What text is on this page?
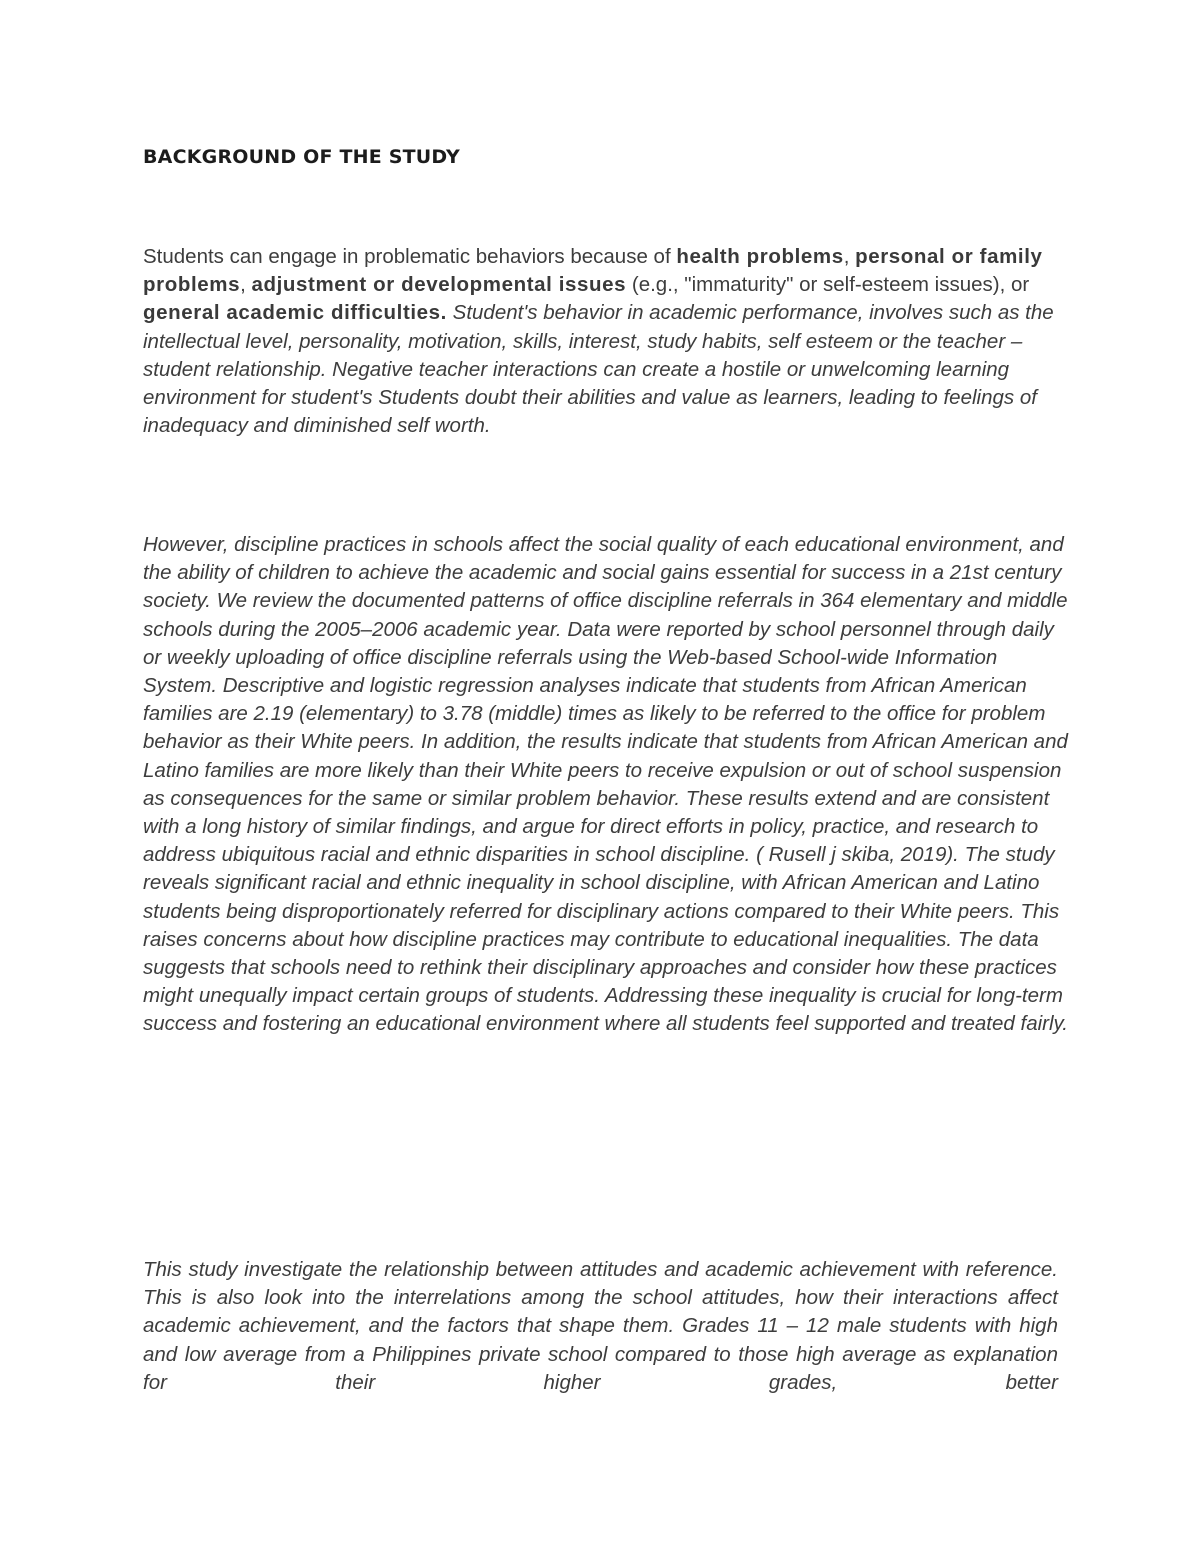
BACKGROUND OF THE STUDY

Students can engage in problematic behaviors because of health problems, personal or family problems, adjustment or developmental issues (e.g., "immaturity" or self-esteem issues), or general academic difficulties. Student's behavior in academic performance, involves such as the intellectual level, personality, motivation, skills, interest, study habits, self esteem or the teacher – student relationship. Negative teacher interactions can create a hostile or unwelcoming learning environment for student's Students doubt their abilities and value as learners, leading to feelings of inadequacy and diminished self worth.

However, discipline practices in schools affect the social quality of each educational environment, and the ability of children to achieve the academic and social gains essential for success in a 21st century society. We review the documented patterns of office discipline referrals in 364 elementary and middle schools during the 2005–2006 academic year. Data were reported by school personnel through daily or weekly uploading of office discipline referrals using the Web-based School-wide Information System. Descriptive and logistic regression analyses indicate that students from African American families are 2.19 (elementary) to 3.78 (middle) times as likely to be referred to the office for problem behavior as their White peers. In addition, the results indicate that students from African American and Latino families are more likely than their White peers to receive expulsion or out of school suspension as consequences for the same or similar problem behavior. These results extend and are consistent with a long history of similar findings, and argue for direct efforts in policy, practice, and research to address ubiquitous racial and ethnic disparities in school discipline. ( Rusell j skiba, 2019). The study reveals significant racial and ethnic inequality in school discipline, with African American and Latino students being disproportionately referred for disciplinary actions compared to their White peers. This raises concerns about how discipline practices may contribute to educational inequalities. The data suggests that schools need to rethink their disciplinary approaches and consider how these practices might unequally impact certain groups of students. Addressing these inequality is crucial for long-term success and fostering an educational environment where all students feel supported and treated fairly.

This study investigate the relationship between attitudes and academic achievement with reference. This is also look into the interrelations among the school attitudes, how their interactions affect academic achievement, and the factors that shape them. Grades 11 – 12 male students with high and low average from a Philippines private school compared to those high average as explanation for their higher grades, better
